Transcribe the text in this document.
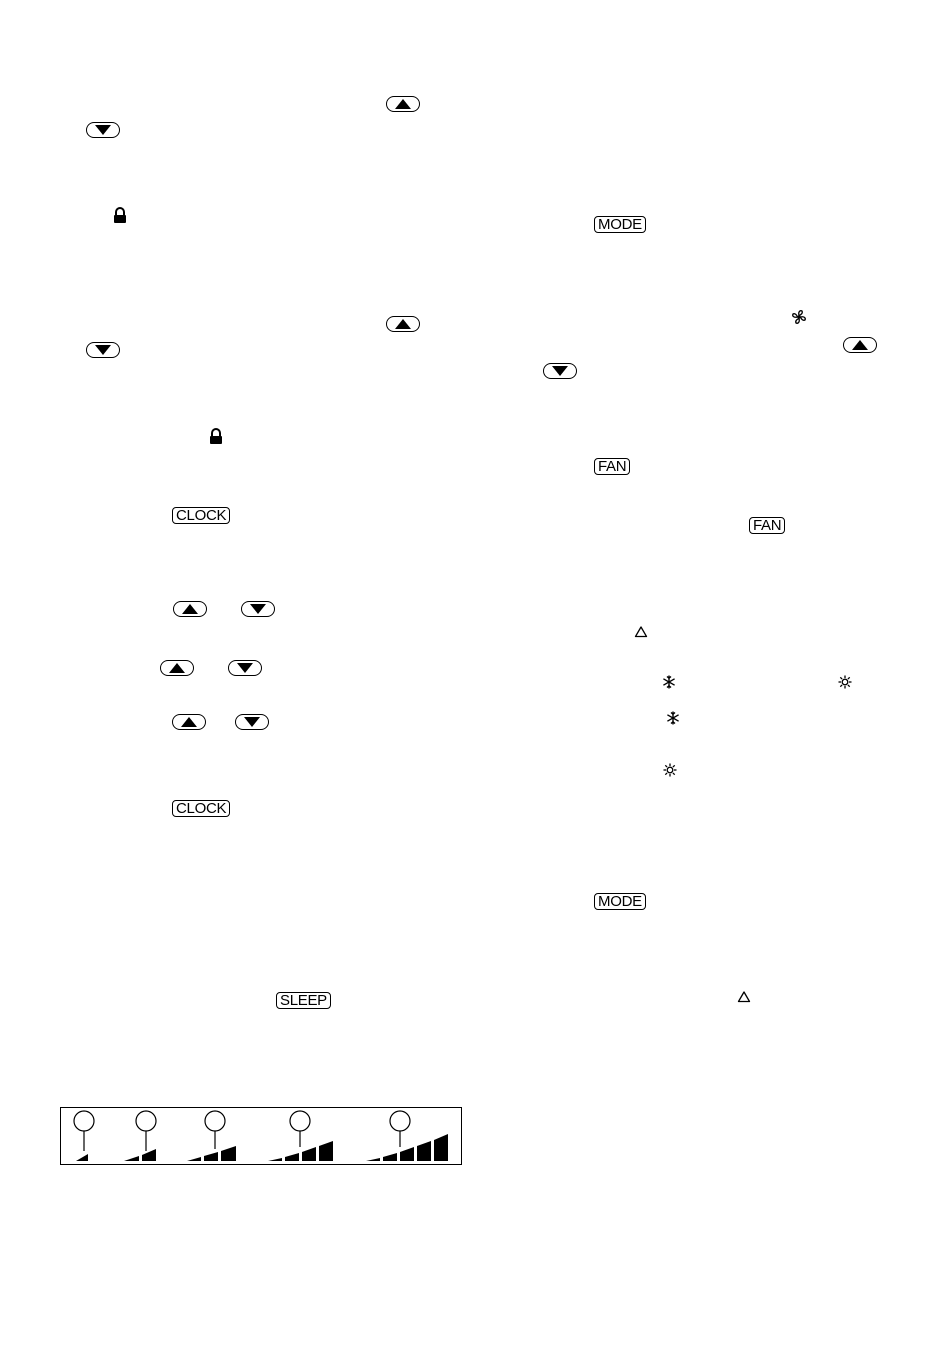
CLOCK
CLOCK
SLEEP
MODE
FAN
FAN
MODE
